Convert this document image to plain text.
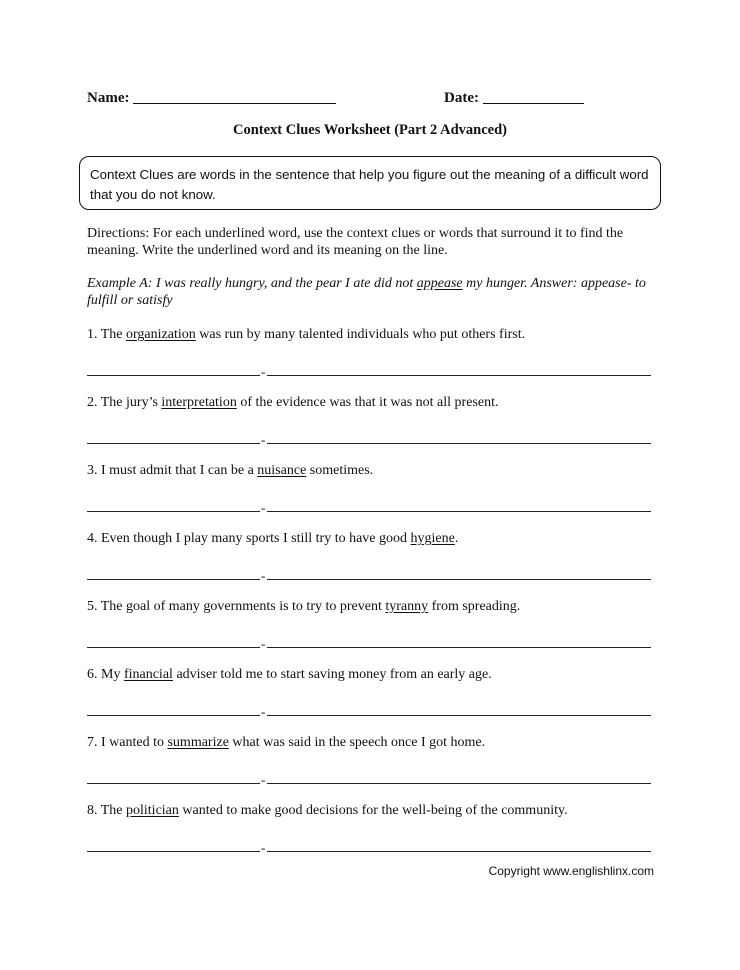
Name:	Date:
Context Clues Worksheet (Part 2 Advanced)
Context Clues are words in the sentence that help you figure out the meaning of a difficult word that you do not know.
Directions: For each underlined word, use the context clues or words that surround it to find the meaning. Write the underlined word and its meaning on the line.
Example A: I was really hungry, and the pear I ate did not appease my hunger. Answer: appease- to fulfill or satisfy
1. The organization was run by many talented individuals who put others first.
-
2. The jury’s interpretation of the evidence was that it was not all present.
-
3. I must admit that I can be a nuisance sometimes.
-
4. Even though I play many sports I still try to have good hygiene.
-
5. The goal of many governments is to try to prevent tyranny from spreading.
-
6. My financial adviser told me to start saving money from an early age.
-
7. I wanted to summarize what was said in the speech once I got home.
-
8. The politician wanted to make good decisions for the well-being of the community.
-
Copyright www.englishlinx.com
